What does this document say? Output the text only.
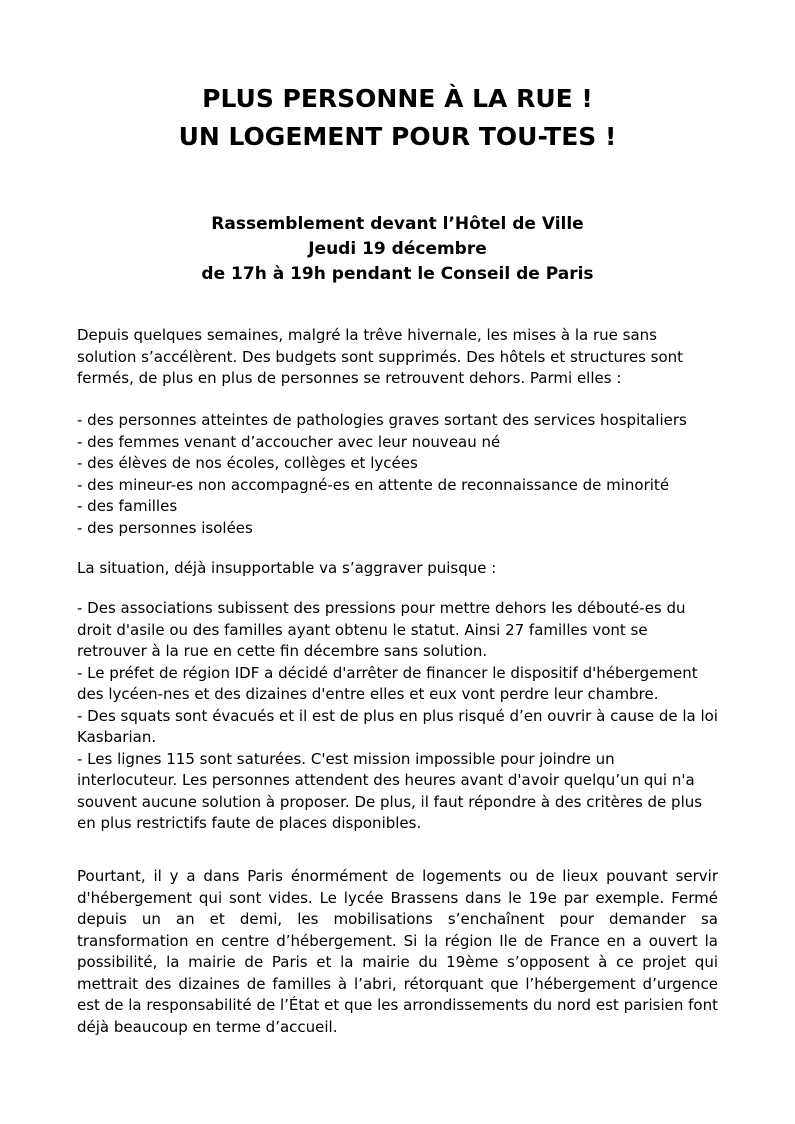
PLUS PERSONNE À LA RUE !
UN LOGEMENT POUR TOU-TES !
Rassemblement devant l’Hôtel de Ville
Jeudi 19 décembre
de 17h à 19h pendant le Conseil de Paris

Depuis quelques semaines, malgré la trêve hivernale, les mises à la rue sans solution s’accélèrent. Des budgets sont supprimés. Des hôtels et structures sont fermés, de plus en plus de personnes se retrouvent dehors. Parmi elles :

- des personnes atteintes de pathologies graves sortant des services hospitaliers
- des femmes venant d’accoucher avec leur nouveau né
- des élèves de nos écoles, collèges et lycées
- des mineur-es non accompagné-es en attente de reconnaissance de minorité
- des familles
- des personnes isolées

La situation, déjà insupportable va s’aggraver puisque :

- Des associations subissent des pressions pour mettre dehors les débouté-es du droit d'asile ou des familles ayant obtenu le statut. Ainsi 27 familles vont se retrouver à la rue en cette fin décembre sans solution.

- Le préfet de région IDF a décidé d'arrêter de financer le dispositif d'hébergement des lycéen-nes et des dizaines d'entre elles et eux vont perdre leur chambre.

- Des squats sont évacués et il est de plus en plus risqué d’en ouvrir à cause de la loi Kasbarian.

- Les lignes 115 sont saturées. C'est mission impossible pour joindre un interlocuteur. Les personnes attendent des heures avant d'avoir quelqu’un qui n'a souvent aucune solution à proposer. De plus, il faut répondre à des critères de plus en plus restrictifs faute de places disponibles.

Pourtant, il y a dans Paris énormément de logements ou de lieux pouvant servir d'hébergement qui sont vides. Le lycée Brassens dans le 19e par exemple. Fermé depuis un an et demi, les mobilisations s’enchaînent pour demander sa transformation en centre d’hébergement. Si la région Ile de France en a ouvert la possibilité, la mairie de Paris et la mairie du 19ème s’opposent à ce projet qui mettrait des dizaines de familles à l’abri, rétorquant que l’hébergement d’urgence est de la responsabilité de l’État et que les arrondissements du nord est parisien font déjà beaucoup en terme d’accueil.
